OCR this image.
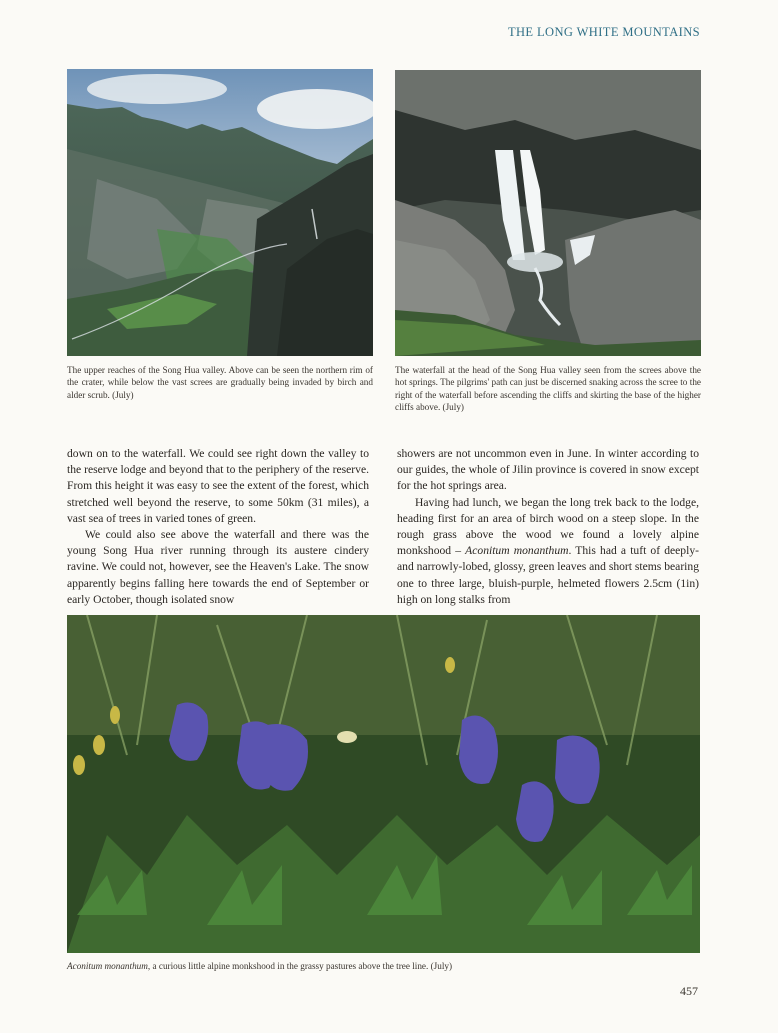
THE LONG WHITE MOUNTAINS
The upper reaches of the Song Hua valley. Above can be seen the northern rim of the crater, while below the vast screes are gradually being invaded by birch and alder scrub. (July)
The waterfall at the head of the Song Hua valley seen from the screes above the hot springs. The pilgrims' path can just be discerned snaking across the scree to the right of the waterfall before ascending the cliffs and skirting the base of the higher cliffs above. (July)

down on to the waterfall. We could see right down the valley to the reserve lodge and beyond that to the periphery of the reserve. From this height it was easy to see the extent of the forest, which stretched well beyond the reserve, to some 50km (31 miles), a vast sea of trees in varied tones of green.

We could also see above the waterfall and there was the young Song Hua river running through its austere cindery ravine. We could not, however, see the Heaven's Lake. The snow apparently begins falling here towards the end of September or early October, though isolated snow

showers are not uncommon even in June. In winter according to our guides, the whole of Jilin province is covered in snow except for the hot springs area.

Having had lunch, we began the long trek back to the lodge, heading first for an area of birch wood on a steep slope. In the rough grass above the wood we found a lovely alpine monkshood – Aconitum monanthum. This had a tuft of deeply- and narrowly-lobed, glossy, green leaves and short stems bearing one to three large, bluish-purple, helmeted flowers 2.5cm (1in) high on long stalks from

Aconitum monanthum, a curious little alpine monkshood in the grassy pastures above the tree line. (July)
457
